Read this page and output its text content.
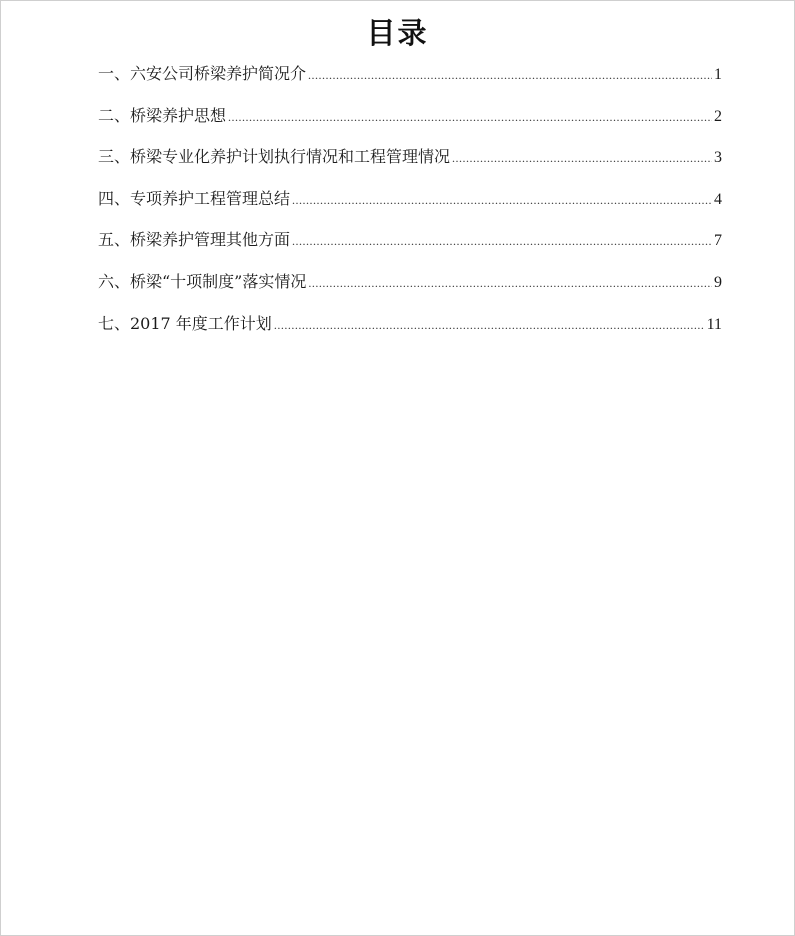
目录
一、六安公司桥梁养护简况介 .....	1
二、桥梁养护思想 .....	2
三、桥梁专业化养护计划执行情况和工程管理情况 .....	3
四、专项养护工程管理总结 .....	4
五、桥梁养护管理其他方面 .....	7
六、桥梁“十项制度”落实情况 .....	9
七、2017 年度工作计划 .....	11
